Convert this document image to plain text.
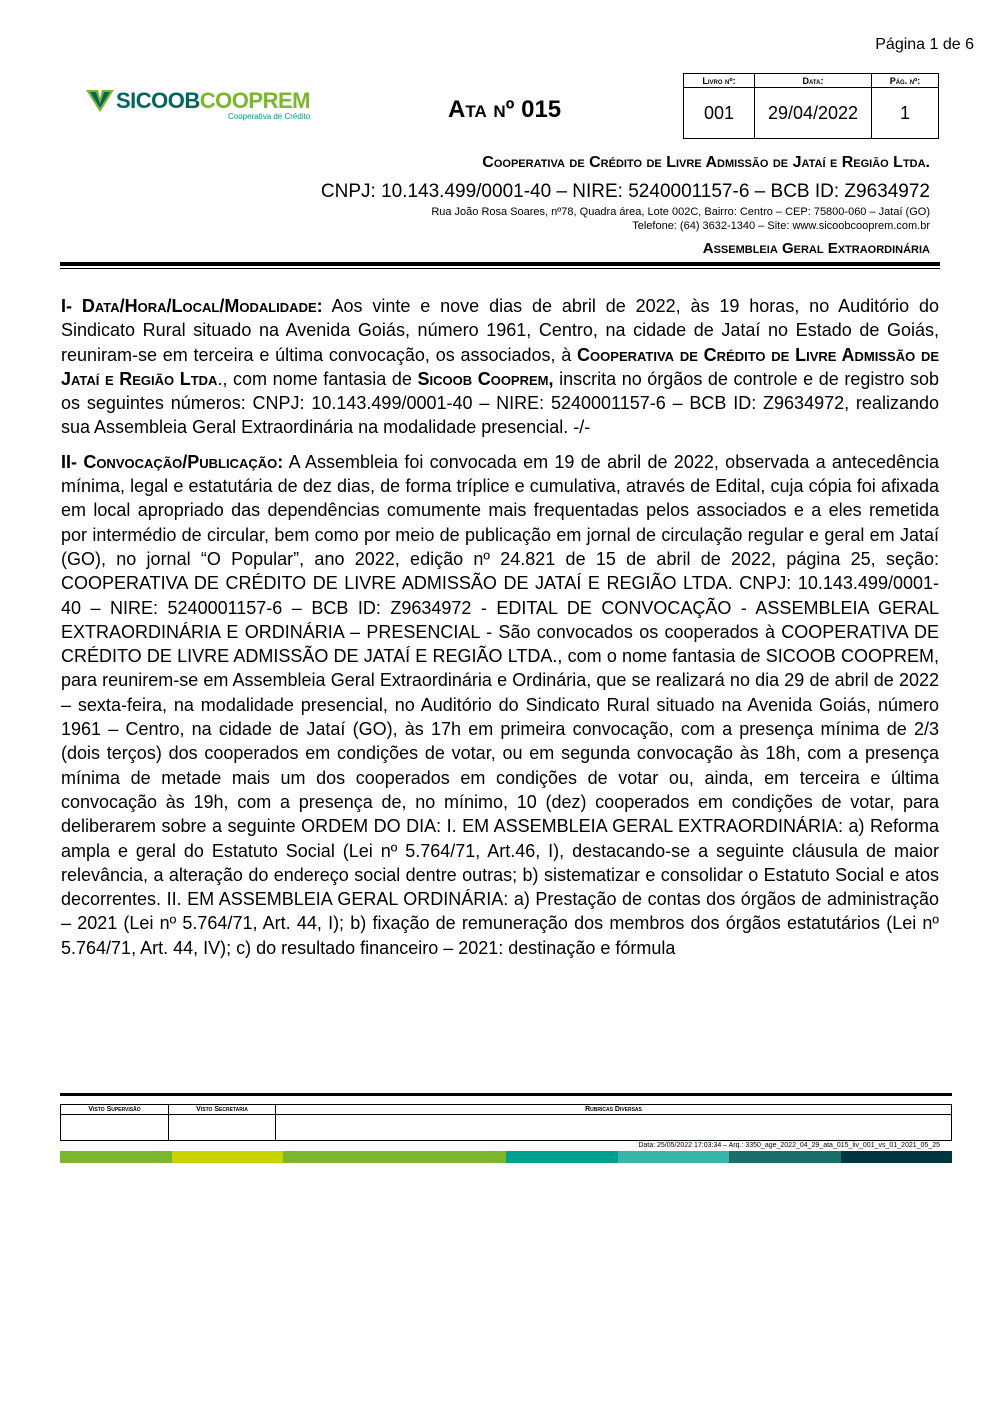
Página 1 de 6
SICOOBCOOPREM
Cooperativa de Crédito	Ata nº 015
Livro nº:	Data:	Pág. nº:
001	29/04/2022	1
Cooperativa de Crédito de Livre Admissão de Jataí e Região Ltda.
CNPJ: 10.143.499/0001-40 – NIRE: 5240001157-6 – BCB ID: Z9634972
Rua João Rosa Soares, nº78, Quadra área, Lote 002C, Bairro: Centro – CEP: 75800-060 – Jataí (GO)
Telefone: (64) 3632-1340 – Site: www.sicoobcooprem.com.br
Assembleia Geral Extraordinária

I- Data/Hora/Local/Modalidade: Aos vinte e nove dias de abril de 2022, às 19 horas, no Auditório do Sindicato Rural situado na Avenida Goiás, número 1961, Centro, na cidade de Jataí no Estado de Goiás, reuniram-se em terceira e última convocação, os associados, à Cooperativa de Crédito de Livre Admissão de Jataí e Região Ltda., com nome fantasia de Sicoob Cooprem, inscrita no órgãos de controle e de registro sob os seguintes números: CNPJ: 10.143.499/0001-40 – NIRE: 5240001157-6 – BCB ID: Z9634972, realizando sua Assembleia Geral Extraordinária na modalidade presencial. -/-

II- Convocação/Publicação: A Assembleia foi convocada em 19 de abril de 2022, observada a antecedência mínima, legal e estatutária de dez dias, de forma tríplice e cumulativa, através de Edital, cuja cópia foi afixada em local apropriado das dependências comumente mais frequentadas pelos associados e a eles remetida por intermédio de circular, bem como por meio de publicação em jornal de circulação regular e geral em Jataí (GO), no jornal “O Popular”, ano 2022, edição nº 24.821 de 15 de abril de 2022, página 25, seção: COOPERATIVA DE CRÉDITO DE LIVRE ADMISSÃO DE JATAÍ E REGIÃO LTDA. CNPJ: 10.143.499/0001-40 – NIRE: 5240001157-6 – BCB ID: Z9634972 - EDITAL DE CONVOCAÇÃO - ASSEMBLEIA GERAL EXTRAORDINÁRIA E ORDINÁRIA – PRESENCIAL - São convocados os cooperados à COOPERATIVA DE CRÉDITO DE LIVRE ADMISSÃO DE JATAÍ E REGIÃO LTDA., com o nome fantasia de SICOOB COOPREM, para reunirem-se em Assembleia Geral Extraordinária e Ordinária, que se realizará no dia 29 de abril de 2022 – sexta-feira, na modalidade presencial, no Auditório do Sindicato Rural situado na Avenida Goiás, número 1961 – Centro, na cidade de Jataí (GO), às 17h em primeira convocação, com a presença mínima de 2/3 (dois terços) dos cooperados em condições de votar, ou em segunda convocação às 18h, com a presença mínima de metade mais um dos cooperados em condições de votar ou, ainda, em terceira e última convocação às 19h, com a presença de, no mínimo, 10 (dez) cooperados em condições de votar, para deliberarem sobre a seguinte ORDEM DO DIA: I. EM ASSEMBLEIA GERAL EXTRAORDINÁRIA: a) Reforma ampla e geral do Estatuto Social (Lei nº 5.764/71, Art.46, I), destacando-se a seguinte cláusula de maior relevância, a alteração do endereço social dentre outras; b) sistematizar e consolidar o Estatuto Social e atos decorrentes. II. EM ASSEMBLEIA GERAL ORDINÁRIA: a) Prestação de contas dos órgãos de administração – 2021 (Lei nº 5.764/71, Art. 44, I); b) fixação de remuneração dos membros dos órgãos estatutários (Lei nº 5.764/71, Art. 44, IV); c) do resultado financeiro – 2021: destinação e fórmula

Visto Supervisão	Visto Secretaria	Rubricas Diversas

Data: 25/05/2022 17:03:34 – Arq.: 3350_age_2022_04_29_ata_015_liv_001_vs_01_2021_05_25
